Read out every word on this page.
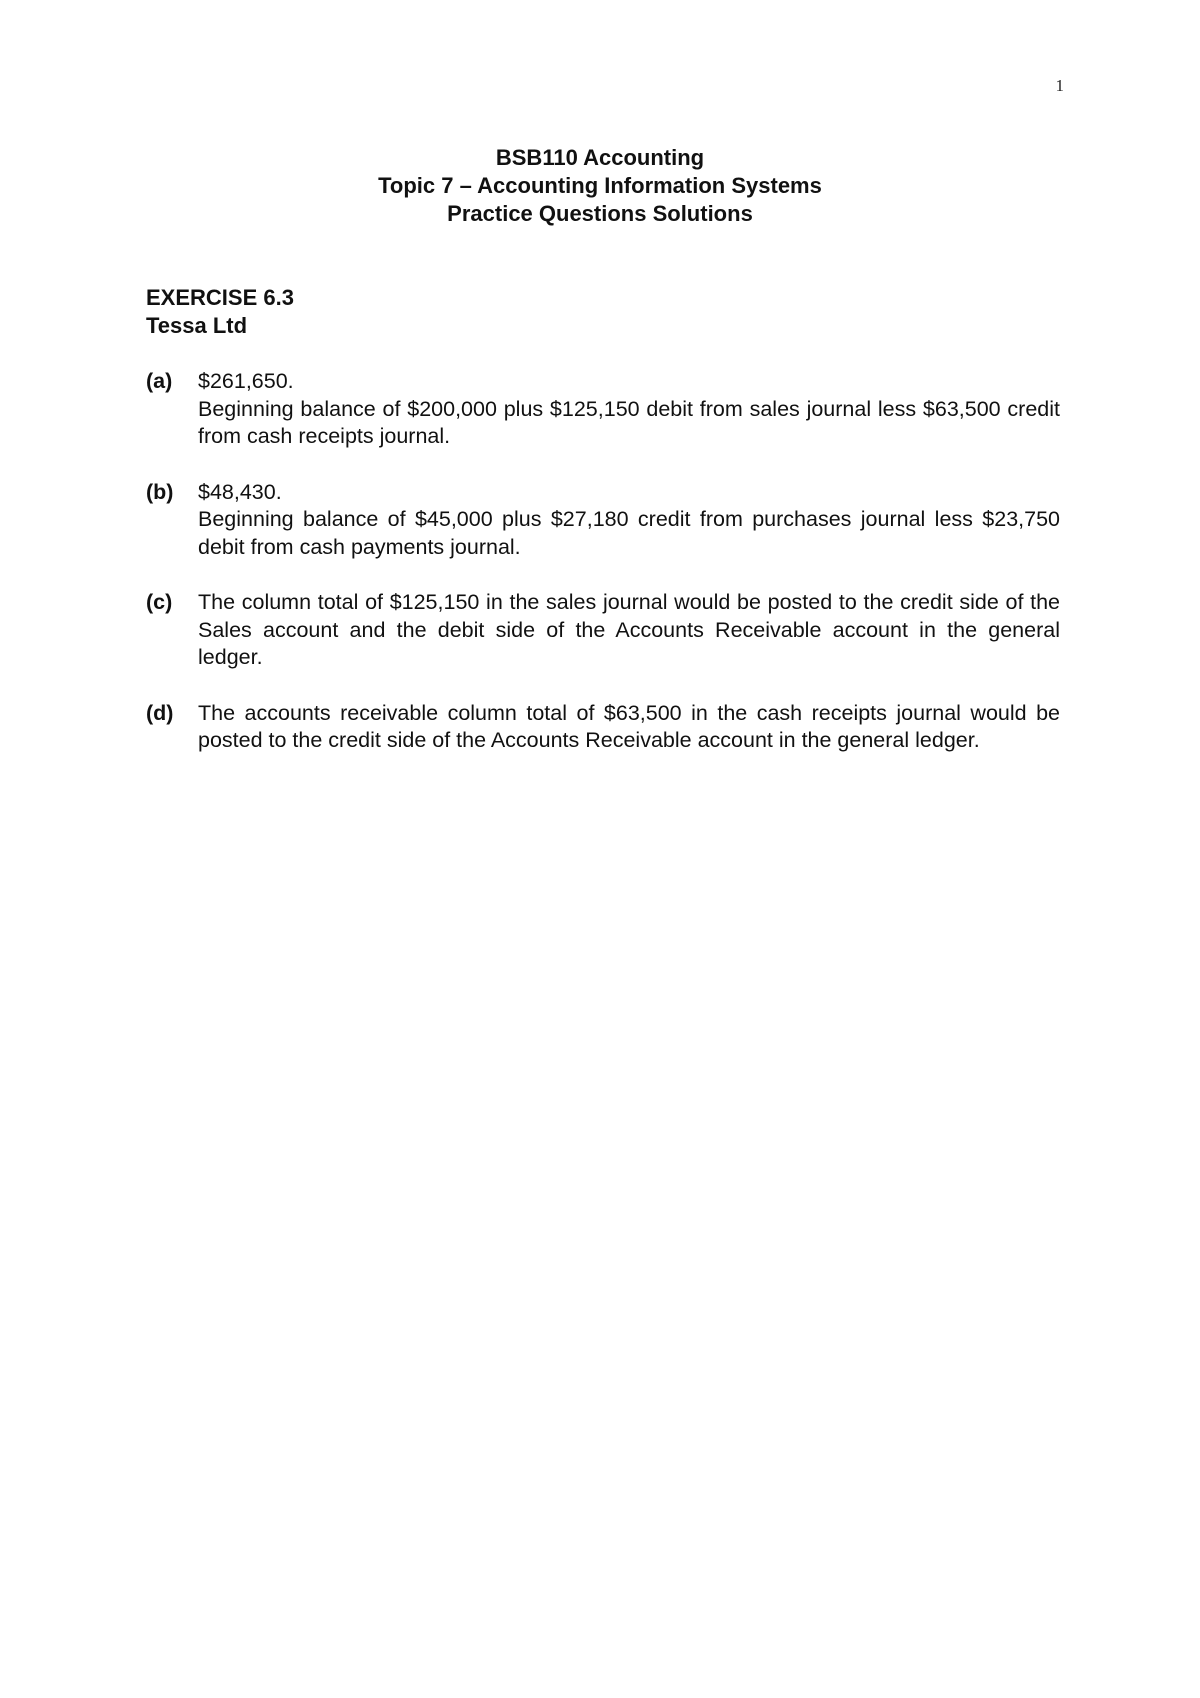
1
BSB110 Accounting
Topic 7 – Accounting Information Systems
Practice Questions Solutions
EXERCISE 6.3
Tessa Ltd
(a)	$261,650.

Beginning balance of $200,000 plus $125,150 debit from sales journal less $63,500 credit from cash receipts journal.

(b)	$48,430.

Beginning balance of $45,000 plus $27,180 credit from purchases journal less $23,750 debit from cash payments journal.

(c)	The column total of $125,150 in the sales journal would be posted to the credit side of the Sales account and the debit side of the Accounts Receivable account in the general ledger.

(d)	The accounts receivable column total of $63,500 in the cash receipts journal would be posted to the credit side of the Accounts Receivable account in the general ledger.
